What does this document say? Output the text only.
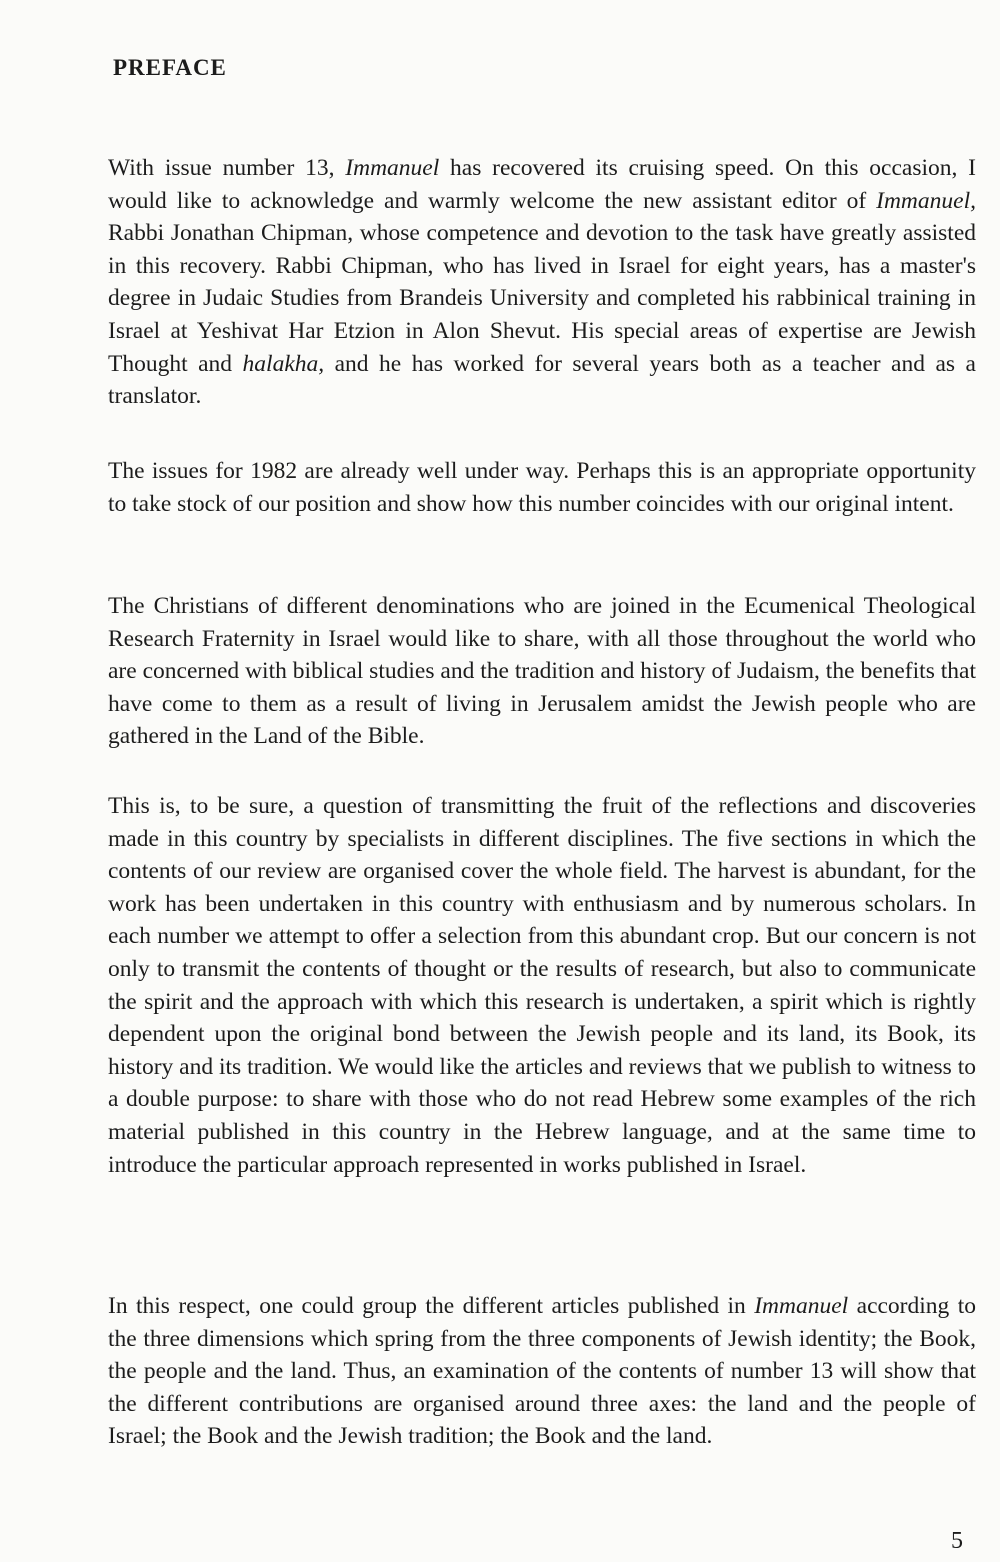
PREFACE

With issue number 13, Immanuel has recovered its cruising speed. On this occasion, I would like to acknowledge and warmly welcome the new assistant editor of Immanuel, Rabbi Jonathan Chipman, whose competence and devotion to the task have greatly assisted in this recovery. Rabbi Chipman, who has lived in Israel for eight years, has a master's degree in Judaic Studies from Brandeis University and completed his rabbinical training in Israel at Yeshivat Har Etzion in Alon Shevut. His special areas of expertise are Jewish Thought and halakha, and he has worked for several years both as a teacher and as a translator.

The issues for 1982 are already well under way. Perhaps this is an appropriate opportunity to take stock of our position and show how this number coincides with our original intent.

The Christians of different denominations who are joined in the Ecumenical Theological Research Fraternity in Israel would like to share, with all those throughout the world who are concerned with biblical studies and the tradition and history of Judaism, the benefits that have come to them as a result of living in Jerusalem amidst the Jewish people who are gathered in the Land of the Bible.

This is, to be sure, a question of transmitting the fruit of the reflections and discoveries made in this country by specialists in different disciplines. The five sections in which the contents of our review are organised cover the whole field. The harvest is abundant, for the work has been undertaken in this country with enthusiasm and by numerous scholars. In each number we attempt to offer a selection from this abundant crop. But our concern is not only to transmit the contents of thought or the results of research, but also to communicate the spirit and the approach with which this research is undertaken, a spirit which is rightly dependent upon the original bond between the Jewish people and its land, its Book, its history and its tradition. We would like the articles and reviews that we publish to witness to a double purpose: to share with those who do not read Hebrew some examples of the rich material published in this country in the Hebrew language, and at the same time to introduce the particular approach represented in works published in Israel.

In this respect, one could group the different articles published in Immanuel according to the three dimensions which spring from the three components of Jewish identity; the Book, the people and the land. Thus, an examination of the contents of number 13 will show that the different contributions are organised around three axes: the land and the people of Israel; the Book and the Jewish tradition; the Book and the land.

5
